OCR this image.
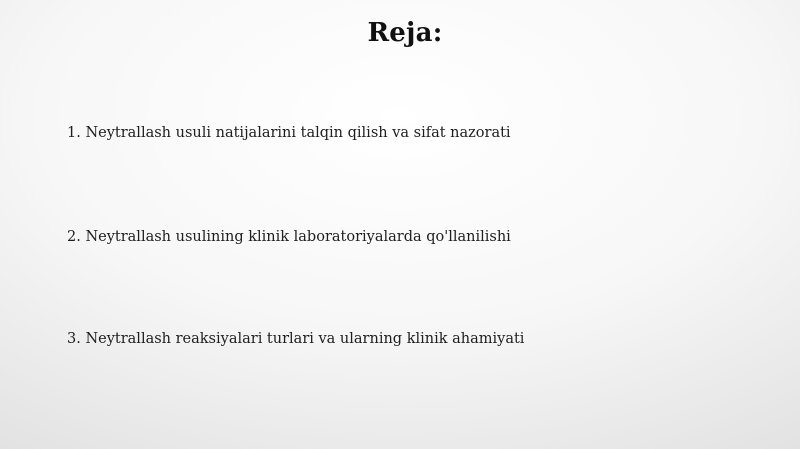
Reja:

1. Neytrallash usuli natijalarini talqin qilish va sifat nazorati

2. Neytrallash usulining klinik laboratoriyalarda qo'llanilishi

3. Neytrallash reaksiyalari turlari va ularning klinik ahamiyati
